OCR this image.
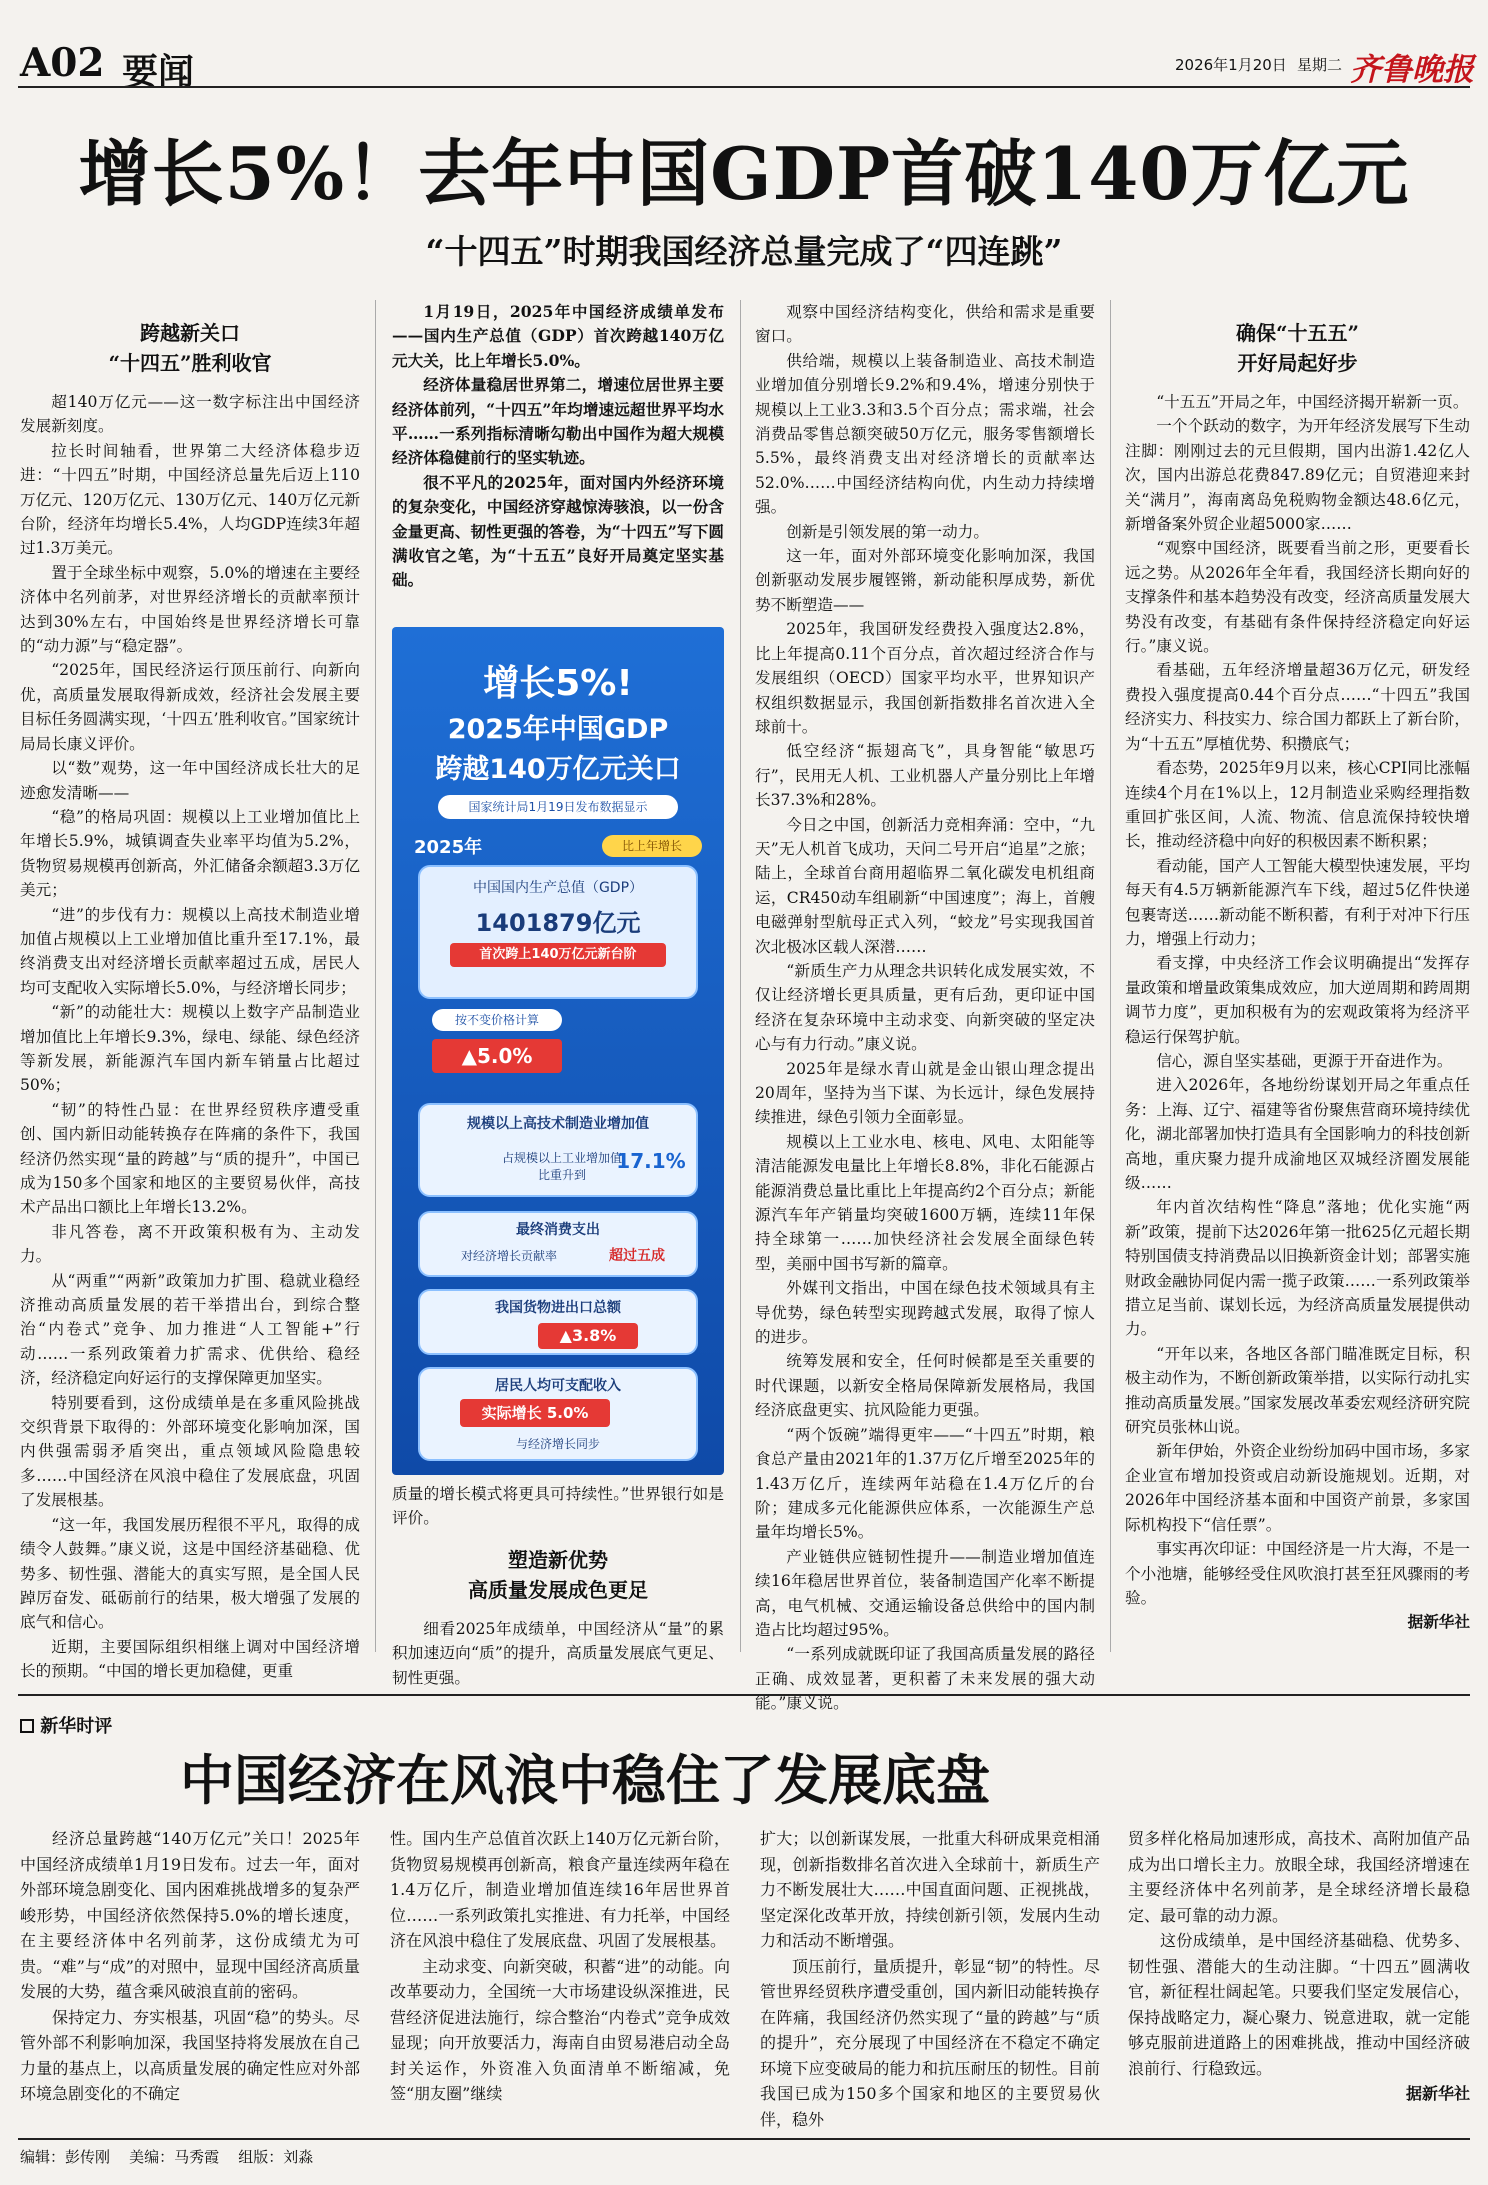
A02 要闻	2026年1月20日 星期二 齐鲁晚报
增长5%！去年中国GDP首破140万亿元
“十四五”时期我国经济总量完成了“四连跳”
跨越新关口
“十四五”胜利收官

超140万亿元——这一数字标注出中国经济发展新刻度。

拉长时间轴看，世界第二大经济体稳步迈进：“十四五”时期，中国经济总量先后迈上110万亿元、120万亿元、130万亿元、140万亿元新台阶，经济年均增长5.4%，人均GDP连续3年超过1.3万美元。

置于全球坐标中观察，5.0%的增速在主要经济体中名列前茅，对世界经济增长的贡献率预计达到30%左右，中国始终是世界经济增长可靠的“动力源”与“稳定器”。

“2025年，国民经济运行顶压前行、向新向优，高质量发展取得新成效，经济社会发展主要目标任务圆满实现，‘十四五’胜利收官。”国家统计局局长康义评价。

以“数”观势，这一年中国经济成长壮大的足迹愈发清晰——

“稳”的格局巩固：规模以上工业增加值比上年增长5.9%，城镇调查失业率平均值为5.2%，货物贸易规模再创新高，外汇储备余额超3.3万亿美元；

“进”的步伐有力：规模以上高技术制造业增加值占规模以上工业增加值比重升至17.1%，最终消费支出对经济增长贡献率超过五成，居民人均可支配收入实际增长5.0%，与经济增长同步；

“新”的动能壮大：规模以上数字产品制造业增加值比上年增长9.3%，绿电、绿能、绿色经济等新发展，新能源汽车国内新车销量占比超过50%；

“韧”的特性凸显：在世界经贸秩序遭受重创、国内新旧动能转换存在阵痛的条件下，我国经济仍然实现“量的跨越”与“质的提升”，中国已成为150多个国家和地区的主要贸易伙伴，高技术产品出口额比上年增长13.2%。

非凡答卷，离不开政策积极有为、主动发力。

从“两重”“两新”政策加力扩围、稳就业稳经济推动高质量发展的若干举措出台，到综合整治“内卷式”竞争、加力推进“人工智能+”行动……一系列政策着力扩需求、优供给、稳经济，经济稳定向好运行的支撑保障更加坚实。

特别要看到，这份成绩单是在多重风险挑战交织背景下取得的：外部环境变化影响加深，国内供强需弱矛盾突出，重点领域风险隐患较多……中国经济在风浪中稳住了发展底盘，巩固了发展根基。

“这一年，我国发展历程很不平凡，取得的成绩令人鼓舞。”康义说，这是中国经济基础稳、优势多、韧性强、潜能大的真实写照，是全国人民踔厉奋发、砥砺前行的结果，极大增强了发展的底气和信心。

近期，主要国际组织相继上调对中国经济增长的预期。“中国的增长更加稳健，更重

1月19日，2025年中国经济成绩单发布——国内生产总值（GDP）首次跨越140万亿元大关，比上年增长5.0%。

经济体量稳居世界第二，增速位居世界主要经济体前列，“十四五”年均增速远超世界平均水平……一系列指标清晰勾勒出中国作为超大规模经济体稳健前行的坚实轨迹。

很不平凡的2025年，面对国内外经济环境的复杂变化，中国经济穿越惊涛骇浪，以一份含金量更高、韧性更强的答卷，为“十四五”写下圆满收官之笔，为“十五五”良好开局奠定坚实基础。

增长5%!
2025年中国GDP
跨越140万亿元关口
国家统计局1月19日发布数据显示
2025年	比上年增长
中国国内生产总值（GDP）
1401879亿元
首次跨上140万亿元新台阶
按不变价格计算
▲5.0%
规模以上高技术制造业增加值
占规模以上工业增加值比重升到
17.1%
最终消费支出
对经济增长贡献率	超过五成
我国货物进出口总额
▲3.8%
居民人均可支配收入
实际增长 5.0%
与经济增长同步

质量的增长模式将更具可持续性。”世界银行如是评价。

塑造新优势
高质量发展成色更足

细看2025年成绩单，中国经济从“量”的累积加速迈向“质”的提升，高质量发展底气更足、韧性更强。

观察中国经济结构变化，供给和需求是重要窗口。

供给端，规模以上装备制造业、高技术制造业增加值分别增长9.2%和9.4%，增速分别快于规模以上工业3.3和3.5个百分点；需求端，社会消费品零售总额突破50万亿元，服务零售额增长5.5%，最终消费支出对经济增长的贡献率达52.0%……中国经济结构向优，内生动力持续增强。

创新是引领发展的第一动力。

这一年，面对外部环境变化影响加深，我国创新驱动发展步履铿锵，新动能积厚成势，新优势不断塑造——

2025年，我国研发经费投入强度达2.8%，比上年提高0.11个百分点，首次超过经济合作与发展组织（OECD）国家平均水平，世界知识产权组织数据显示，我国创新指数排名首次进入全球前十。

低空经济“振翅高飞”，具身智能“敏思巧行”，民用无人机、工业机器人产量分别比上年增长37.3%和28%。

今日之中国，创新活力竞相奔涌：空中，“九天”无人机首飞成功，天问二号开启“追星”之旅；陆上，全球首台商用超临界二氧化碳发电机组商运，CR450动车组刷新“中国速度”；海上，首艘电磁弹射型航母正式入列，“蛟龙”号实现我国首次北极冰区载人深潜……

“新质生产力从理念共识转化成发展实效，不仅让经济增长更具质量，更有后劲，更印证中国经济在复杂环境中主动求变、向新突破的坚定决心与有力行动。”康义说。

2025年是绿水青山就是金山银山理念提出20周年，坚持为当下谋、为长远计，绿色发展持续推进，绿色引领力全面彰显。

规模以上工业水电、核电、风电、太阳能等清洁能源发电量比上年增长8.8%，非化石能源占能源消费总量比重比上年提高约2个百分点；新能源汽车年产销量均突破1600万辆，连续11年保持全球第一……加快经济社会发展全面绿色转型，美丽中国书写新的篇章。

外媒刊文指出，中国在绿色技术领域具有主导优势，绿色转型实现跨越式发展，取得了惊人的进步。

统筹发展和安全，任何时候都是至关重要的时代课题，以新安全格局保障新发展格局，我国经济底盘更实、抗风险能力更强。

“两个饭碗”端得更牢——“十四五”时期，粮食总产量由2021年的1.37万亿斤增至2025年的1.43万亿斤，连续两年站稳在1.4万亿斤的台阶；建成多元化能源供应体系，一次能源生产总量年均增长5%。

产业链供应链韧性提升——制造业增加值连续16年稳居世界首位，装备制造国产化率不断提高，电气机械、交通运输设备总供给中的国内制造占比均超过95%。

“一系列成就既印证了我国高质量发展的路径正确、成效显著，更积蓄了未来发展的强大动能。”康义说。

确保“十五五”
开好局起好步

“十五五”开局之年，中国经济揭开崭新一页。

一个个跃动的数字，为开年经济发展写下生动注脚：刚刚过去的元旦假期，国内出游1.42亿人次，国内出游总花费847.89亿元；自贸港迎来封关“满月”，海南离岛免税购物金额达48.6亿元，新增备案外贸企业超5000家……

“观察中国经济，既要看当前之形，更要看长远之势。从2026年全年看，我国经济长期向好的支撑条件和基本趋势没有改变，经济高质量发展大势没有改变，有基础有条件保持经济稳定向好运行。”康义说。

看基础，五年经济增量超36万亿元，研发经费投入强度提高0.44个百分点……“十四五”我国经济实力、科技实力、综合国力都跃上了新台阶，为“十五五”厚植优势、积攒底气；

看态势，2025年9月以来，核心CPI同比涨幅连续4个月在1%以上，12月制造业采购经理指数重回扩张区间，人流、物流、信息流保持较快增长，推动经济稳中向好的积极因素不断积累；

看动能，国产人工智能大模型快速发展，平均每天有4.5万辆新能源汽车下线，超过5亿件快递包裹寄送……新动能不断积蓄，有利于对冲下行压力，增强上行动力；

看支撑，中央经济工作会议明确提出“发挥存量政策和增量政策集成效应，加大逆周期和跨周期调节力度”，更加积极有为的宏观政策将为经济平稳运行保驾护航。

信心，源自坚实基础，更源于开奋进作为。

进入2026年，各地纷纷谋划开局之年重点任务：上海、辽宁、福建等省份聚焦营商环境持续优化，湖北部署加快打造具有全国影响力的科技创新高地，重庆聚力提升成渝地区双城经济圈发展能级……

年内首次结构性“降息”落地；优化实施“两新”政策，提前下达2026年第一批625亿元超长期特别国债支持消费品以旧换新资金计划；部署实施财政金融协同促内需一揽子政策……一系列政策举措立足当前、谋划长远，为经济高质量发展提供动力。

“开年以来，各地区各部门瞄准既定目标，积极主动作为，不断创新政策举措，以实际行动扎实推动高质量发展。”国家发展改革委宏观经济研究院研究员张林山说。

新年伊始，外资企业纷纷加码中国市场，多家企业宣布增加投资或启动新设施规划。近期，对2026年中国经济基本面和中国资产前景，多家国际机构投下“信任票”。

事实再次印证：中国经济是一片大海，不是一个小池塘，能够经受住风吹浪打甚至狂风骤雨的考验。

据新华社
新华时评
中国经济在风浪中稳住了发展底盘

经济总量跨越“140万亿元”关口！2025年中国经济成绩单1月19日发布。过去一年，面对外部环境急剧变化、国内困难挑战增多的复杂严峻形势，中国经济依然保持5.0%的增长速度，在主要经济体中名列前茅，这份成绩尤为可贵。“难”与“成”的对照中，显现中国经济高质量发展的大势，蕴含乘风破浪直前的密码。

保持定力、夯实根基，巩固“稳”的势头。尽管外部不利影响加深，我国坚持将发展放在自己力量的基点上，以高质量发展的确定性应对外部环境急剧变化的不确定

性。国内生产总值首次跃上140万亿元新台阶，货物贸易规模再创新高，粮食产量连续两年稳在1.4万亿斤，制造业增加值连续16年居世界首位……一系列政策扎实推进、有力托举，中国经济在风浪中稳住了发展底盘、巩固了发展根基。

主动求变、向新突破，积蓄“进”的动能。向改革要动力，全国统一大市场建设纵深推进，民营经济促进法施行，综合整治“内卷式”竞争成效显现；向开放要活力，海南自由贸易港启动全岛封关运作，外资准入负面清单不断缩减，免签“朋友圈”继续

扩大；以创新谋发展，一批重大科研成果竞相涌现，创新指数排名首次进入全球前十，新质生产力不断发展壮大……中国直面问题、正视挑战，坚定深化改革开放，持续创新引领，发展内生动力和活动不断增强。

顶压前行，量质提升，彰显“韧”的特性。尽管世界经贸秩序遭受重创，国内新旧动能转换存在阵痛，我国经济仍然实现了“量的跨越”与“质的提升”，充分展现了中国经济在不稳定不确定环境下应变破局的能力和抗压耐压的韧性。目前我国已成为150多个国家和地区的主要贸易伙伴，稳外

贸多样化格局加速形成，高技术、高附加值产品成为出口增长主力。放眼全球，我国经济增速在主要经济体中名列前茅，是全球经济增长最稳定、最可靠的动力源。

这份成绩单，是中国经济基础稳、优势多、韧性强、潜能大的生动注脚。“十四五”圆满收官，新征程壮阔起笔。只要我们坚定发展信心，保持战略定力，凝心聚力、锐意进取，就一定能够克服前进道路上的困难挑战，推动中国经济破浪前行、行稳致远。

据新华社
编辑：彭传刚 美编：马秀霞 组版：刘淼
